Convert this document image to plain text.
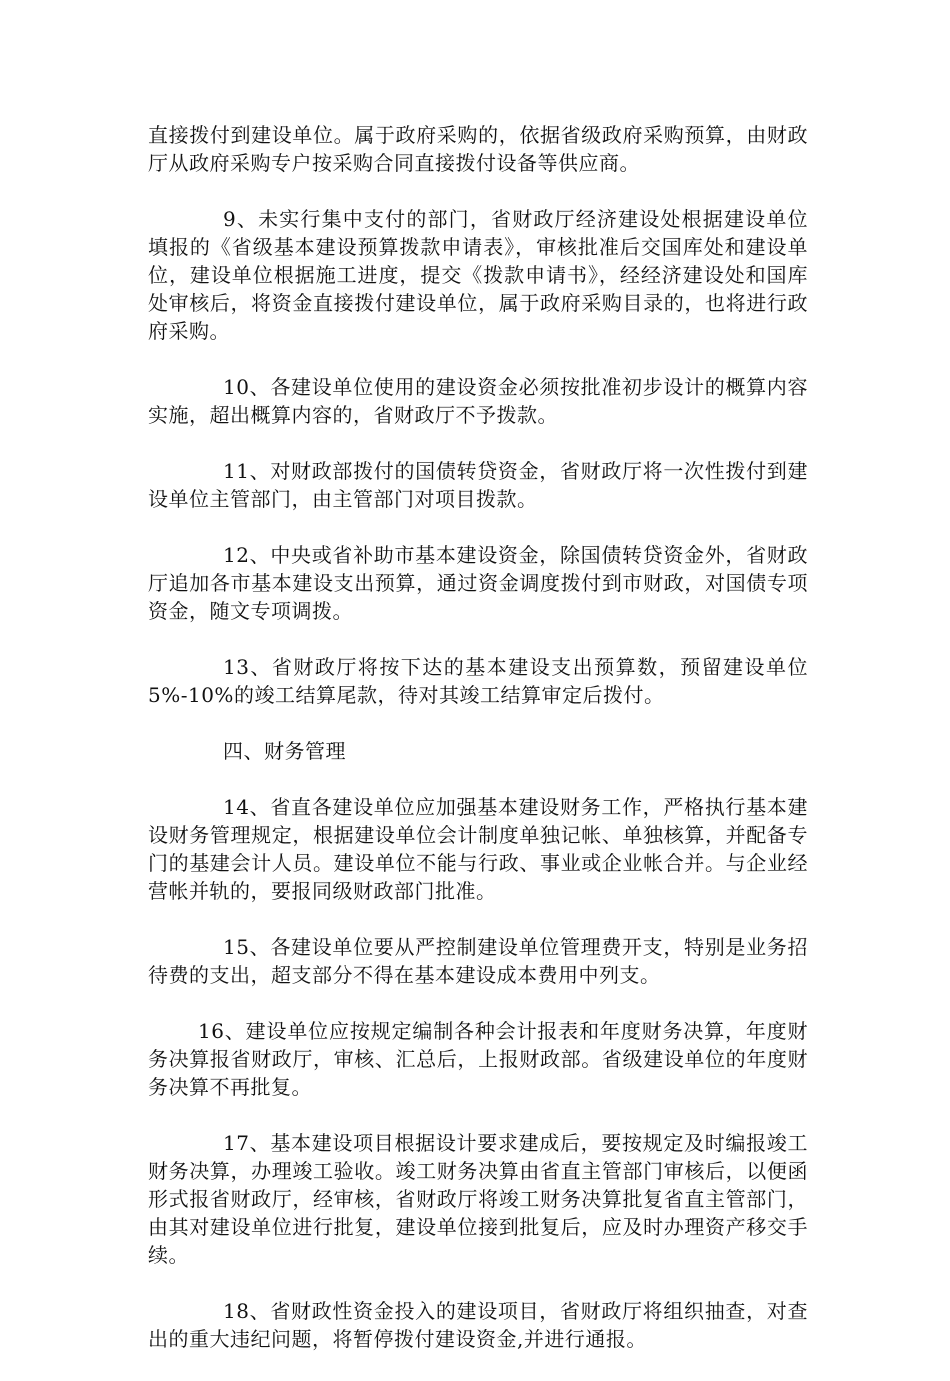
直接拨付到建设单位。属于政府采购的，依据省级政府采购预算，由财政厅从政府采购专户按采购合同直接拨付设备等供应商。

9、未实行集中支付的部门，省财政厅经济建设处根据建设单位填报的《省级基本建设预算拨款申请表》，审核批准后交国库处和建设单位，建设单位根据施工进度，提交《拨款申请书》，经经济建设处和国库处审核后，将资金直接拨付建设单位，属于政府采购目录的，也将进行政府采购。

10、各建设单位使用的建设资金必须按批准初步设计的概算内容实施，超出概算内容的，省财政厅不予拨款。

11、对财政部拨付的国债转贷资金，省财政厅将一次性拨付到建设单位主管部门，由主管部门对项目拨款。

12、中央或省补助市基本建设资金，除国债转贷资金外，省财政厅追加各市基本建设支出预算，通过资金调度拨付到市财政，对国债专项资金，随文专项调拨。

13、省财政厅将按下达的基本建设支出预算数，预留建设单位5%-10%的竣工结算尾款，待对其竣工结算审定后拨付。

四、财务管理

14、省直各建设单位应加强基本建设财务工作，严格执行基本建设财务管理规定，根据建设单位会计制度单独记帐、单独核算，并配备专门的基建会计人员。建设单位不能与行政、事业或企业帐合并。与企业经营帐并轨的，要报同级财政部门批准。

15、各建设单位要从严控制建设单位管理费开支，特别是业务招待费的支出，超支部分不得在基本建设成本费用中列支。

16、建设单位应按规定编制各种会计报表和年度财务决算，年度财务决算报省财政厅，审核、汇总后，上报财政部。省级建设单位的年度财务决算不再批复。

17、基本建设项目根据设计要求建成后，要按规定及时编报竣工财务决算，办理竣工验收。竣工财务决算由省直主管部门审核后，以便函形式报省财政厅，经审核，省财政厅将竣工财务决算批复省直主管部门，由其对建设单位进行批复，建设单位接到批复后，应及时办理资产移交手续。

18、省财政性资金投入的建设项目，省财政厅将组织抽查，对查出的重大违纪问题，将暂停拨付建设资金,并进行通报。
